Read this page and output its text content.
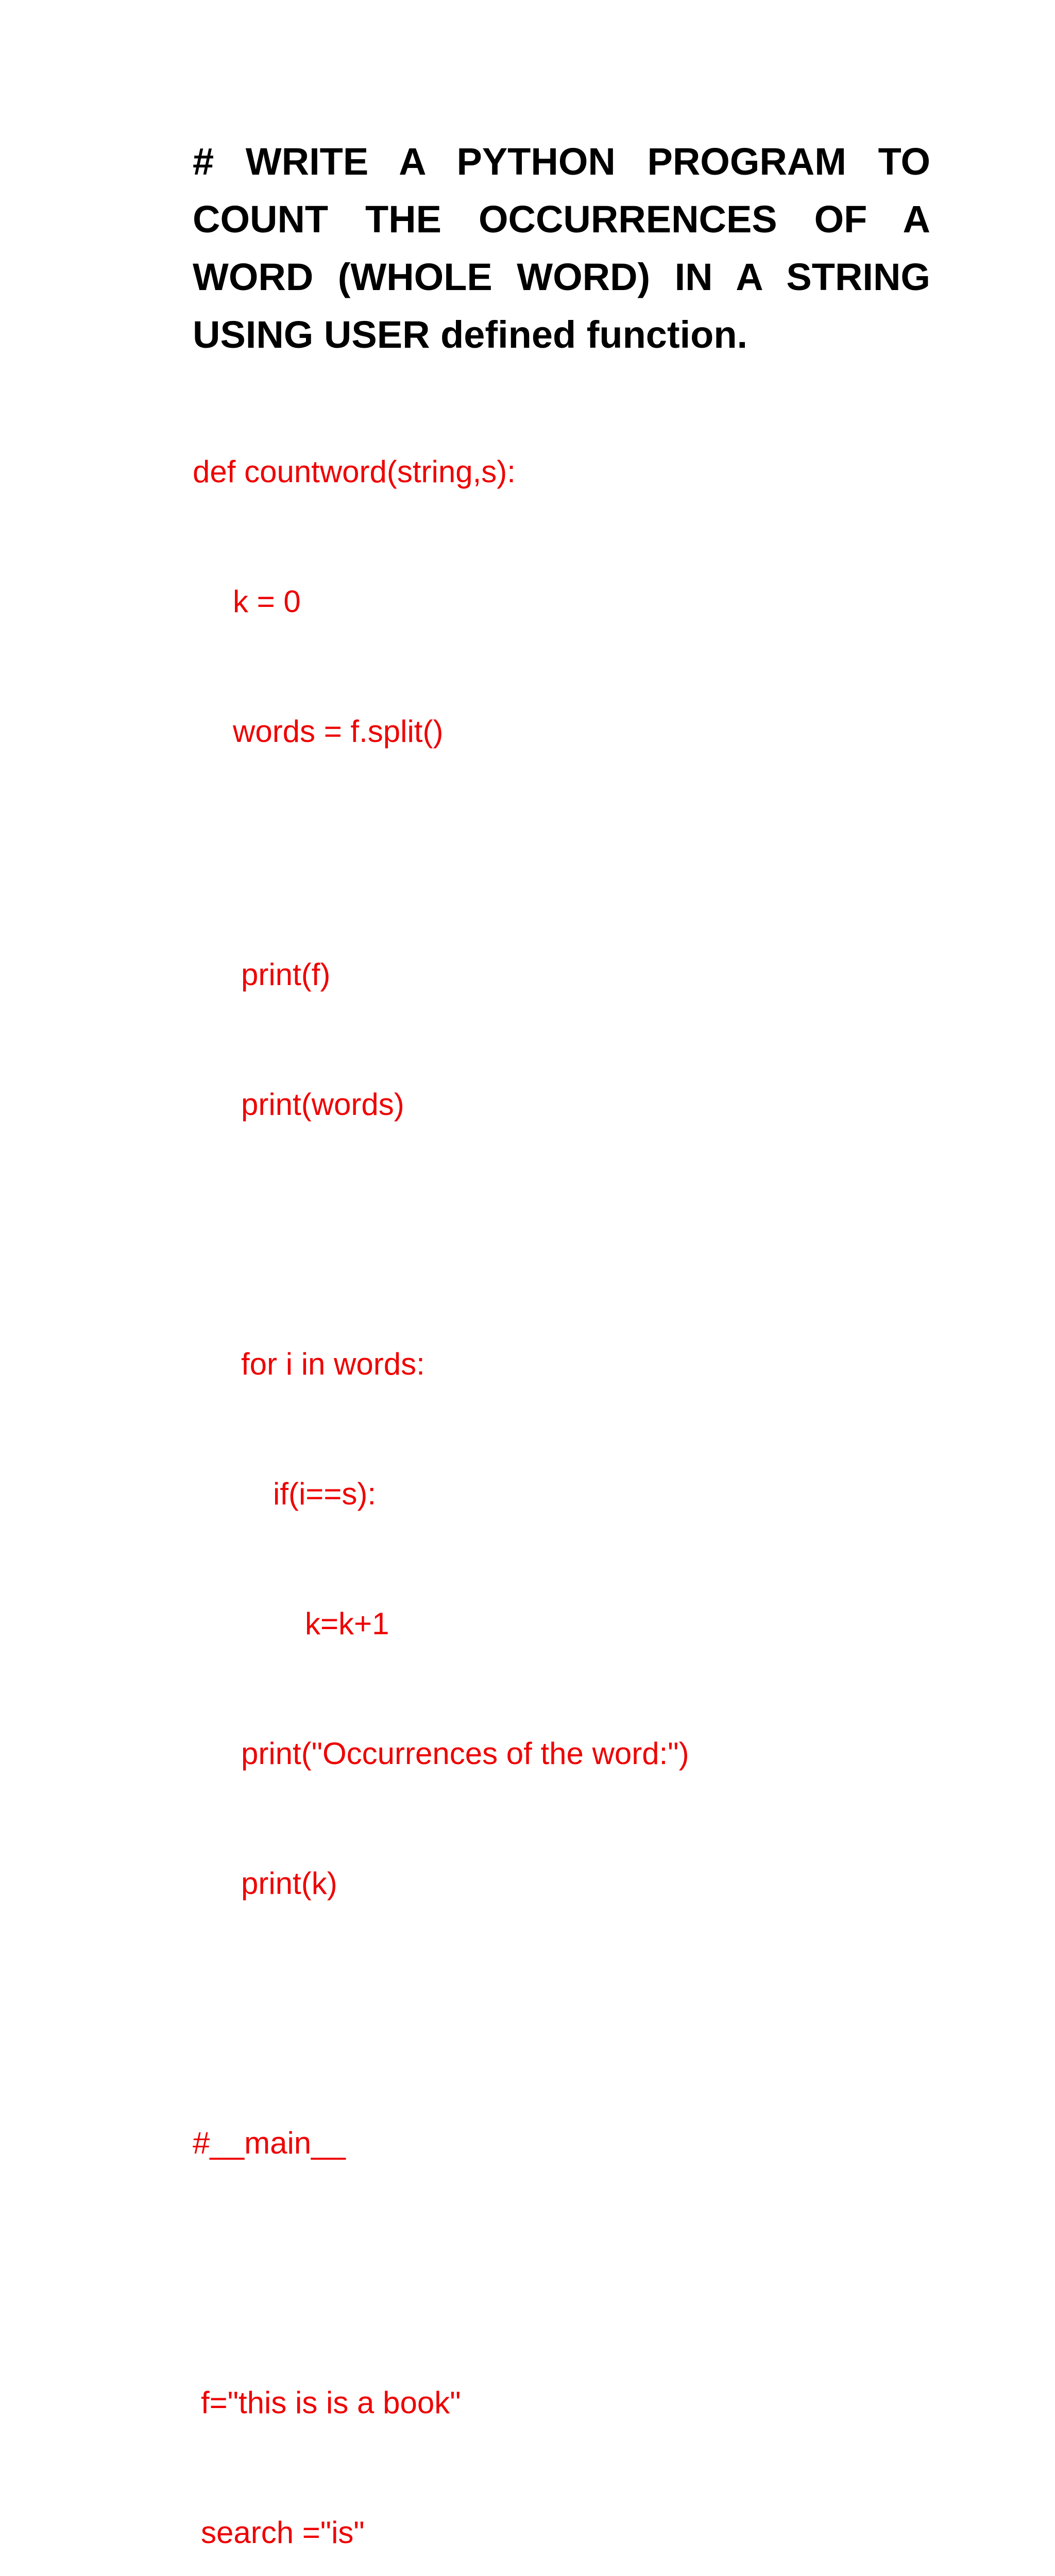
# WRITE A PYTHON PROGRAM TO COUNT THE OCCURRENCES OF A WORD (WHOLE WORD) IN A STRING USING USER defined function.

def countword(string,s):

k = 0

words = f.split()

print(f)

print(words)

for i in words:

if(i==s):

k=k+1

print("Occurrences of the word:")

print(k)

#__main__

f="this is is a book"

search ="is"
